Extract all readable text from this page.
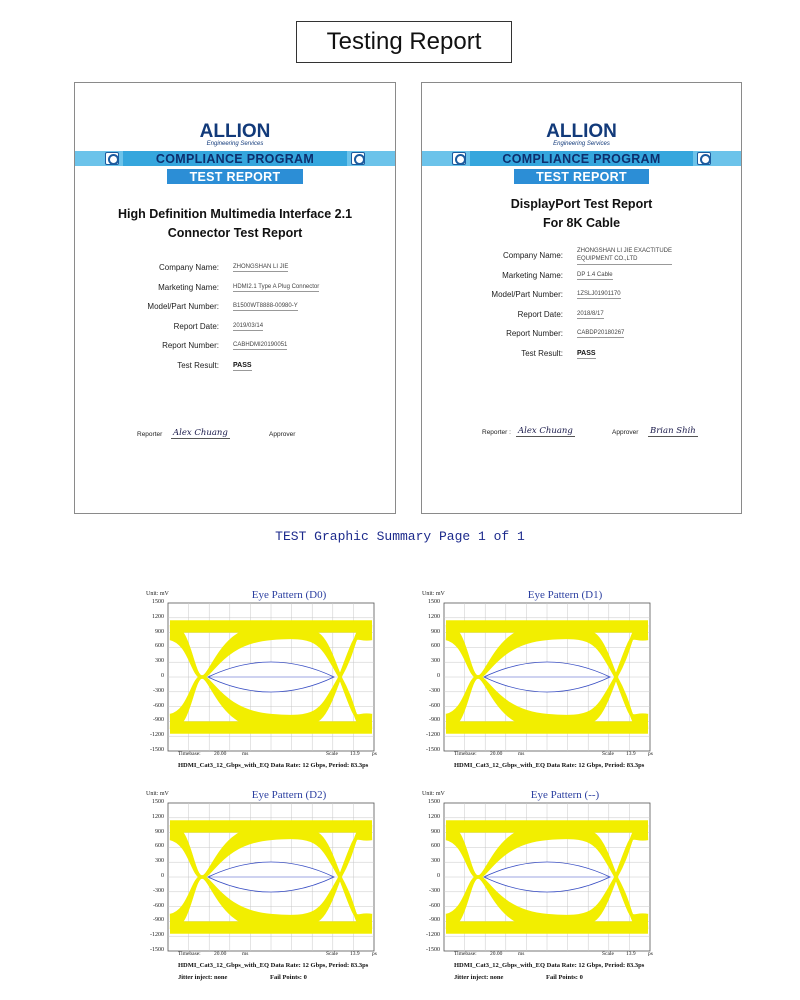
Testing Report
ALLION
Engineering Services
COMPLIANCE PROGRAM
TEST REPORT
High Definition Multimedia Interface 2.1
Connector Test Report
Company Name: ZHONGSHAN LI JIE
Marketing Name: HDMI2.1 Type A Plug Connector
Model/Part Number: B1500WT8888-00980-Y
Report Date: 2019/03/14
Report Number: CABHDMI20190051
Test Result: PASS
Reporter Alex Chuang	Approver
ALLION
Engineering Services
COMPLIANCE PROGRAM
TEST REPORT
DisplayPort Test Report
For 8K Cable
Company Name: ZHONGSHAN LI JIE EXACTITUDE
EQUIPMENT CO.,LTD
Marketing Name: DP 1.4 Cable
Model/Part Number: 1ZSLJ01901170
Report Date: 2018/8/17
Report Number: CABDP20180267
Test Result: PASS
Reporter : Alex Chuang	Approver Brian Shih
TEST Graphic Summary Page 1 of 1
Eye Pattern (D0)
Unit: mV
1500
1200
900
600
300
0
-300
-600
-900
-1200
-1500
Timebase: 20.00	ms	Scale 13.9 ps
HDMI_Cat3_12_Gbps_with_EQ Data Rate: 12 Gbps, Period: 83.3ps
Eye Pattern (D1)
Unit: mV
1500
1200
900
600
300
0
-300
-600
-900
-1200
-1500
Timebase: 20.00	ms	Scale 13.9 ps
HDMI_Cat3_12_Gbps_with_EQ Data Rate: 12 Gbps, Period: 83.3ps
Eye Pattern (D2)
Unit: mV
1500
1200
900
600
300
0
-300
-600
-900
-1200
-1500
Timebase: 20.00	ms	Scale 13.9 ps
HDMI_Cat3_12_Gbps_with_EQ Data Rate: 12 Gbps, Period: 83.3ps
Jitter inject: none	Fail Points: 0
Eye Pattern (--)
Unit: mV
1500
1200
900
600
300
0
-300
-600
-900
-1200
-1500
Timebase: 20.00	ms	Scale 13.9 ps
HDMI_Cat3_12_Gbps_with_EQ Data Rate: 12 Gbps, Period: 83.3ps
Jitter inject: none	Fail Points: 0
